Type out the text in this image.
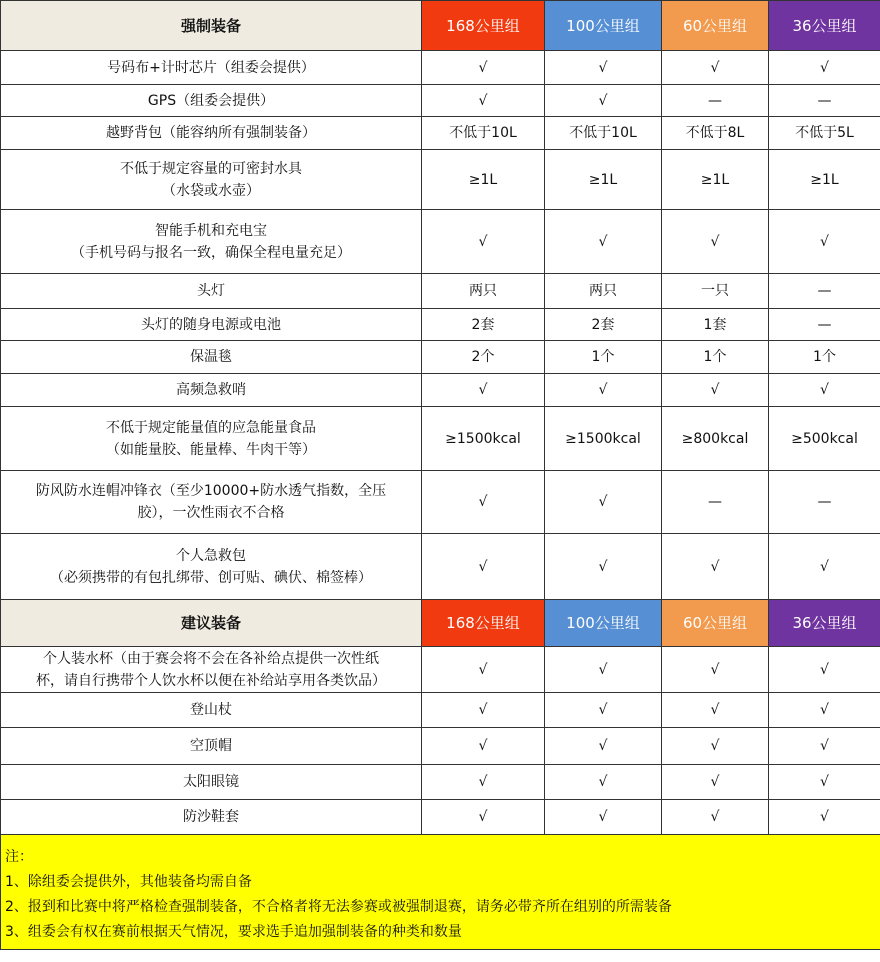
强制装备	168公里组	100公里组	60公里组	36公里组

号码布+计时芯片（组委会提供）	√	√	√	√

GPS（组委会提供）	√	√	—	—

越野背包（能容纳所有强制装备）	不低于10L	不低于10L	不低于8L	不低于5L

不低于规定容量的可密封水具
（水袋或水壶）	≥1L	≥1L	≥1L	≥1L

智能手机和充电宝
（手机号码与报名一致，确保全程电量充足）	√	√	√	√

头灯	两只	两只	一只	—

头灯的随身电源或电池	2套	2套	1套	—

保温毯	2个	1个	1个	1个

高频急救哨	√	√	√	√

不低于规定能量值的应急能量食品
（如能量胶、能量棒、牛肉干等）	≥1500kcal	≥1500kcal	≥800kcal	≥500kcal

防风防水连帽冲锋衣（至少10000+防水透气指数，全压
胶），一次性雨衣不合格	√	√	—	—

个人急救包
（必须携带的有包扎绑带、创可贴、碘伏、棉签棒）	√	√	√	√
建议装备	168公里组	100公里组	60公里组	36公里组

个人装水杯（由于赛会将不会在各补给点提供一次性纸
杯，请自行携带个人饮水杯以便在补给站享用各类饮品）	√	√	√	√

登山杖	√	√	√	√

空顶帽	√	√	√	√

太阳眼镜	√	√	√	√

防沙鞋套	√	√	√	√

注：
1、除组委会提供外，其他装备均需自备
2、报到和比赛中将严格检查强制装备，不合格者将无法参赛或被强制退赛，请务必带齐所在组别的所需装备
3、组委会有权在赛前根据天气情况，要求选手追加强制装备的种类和数量				
